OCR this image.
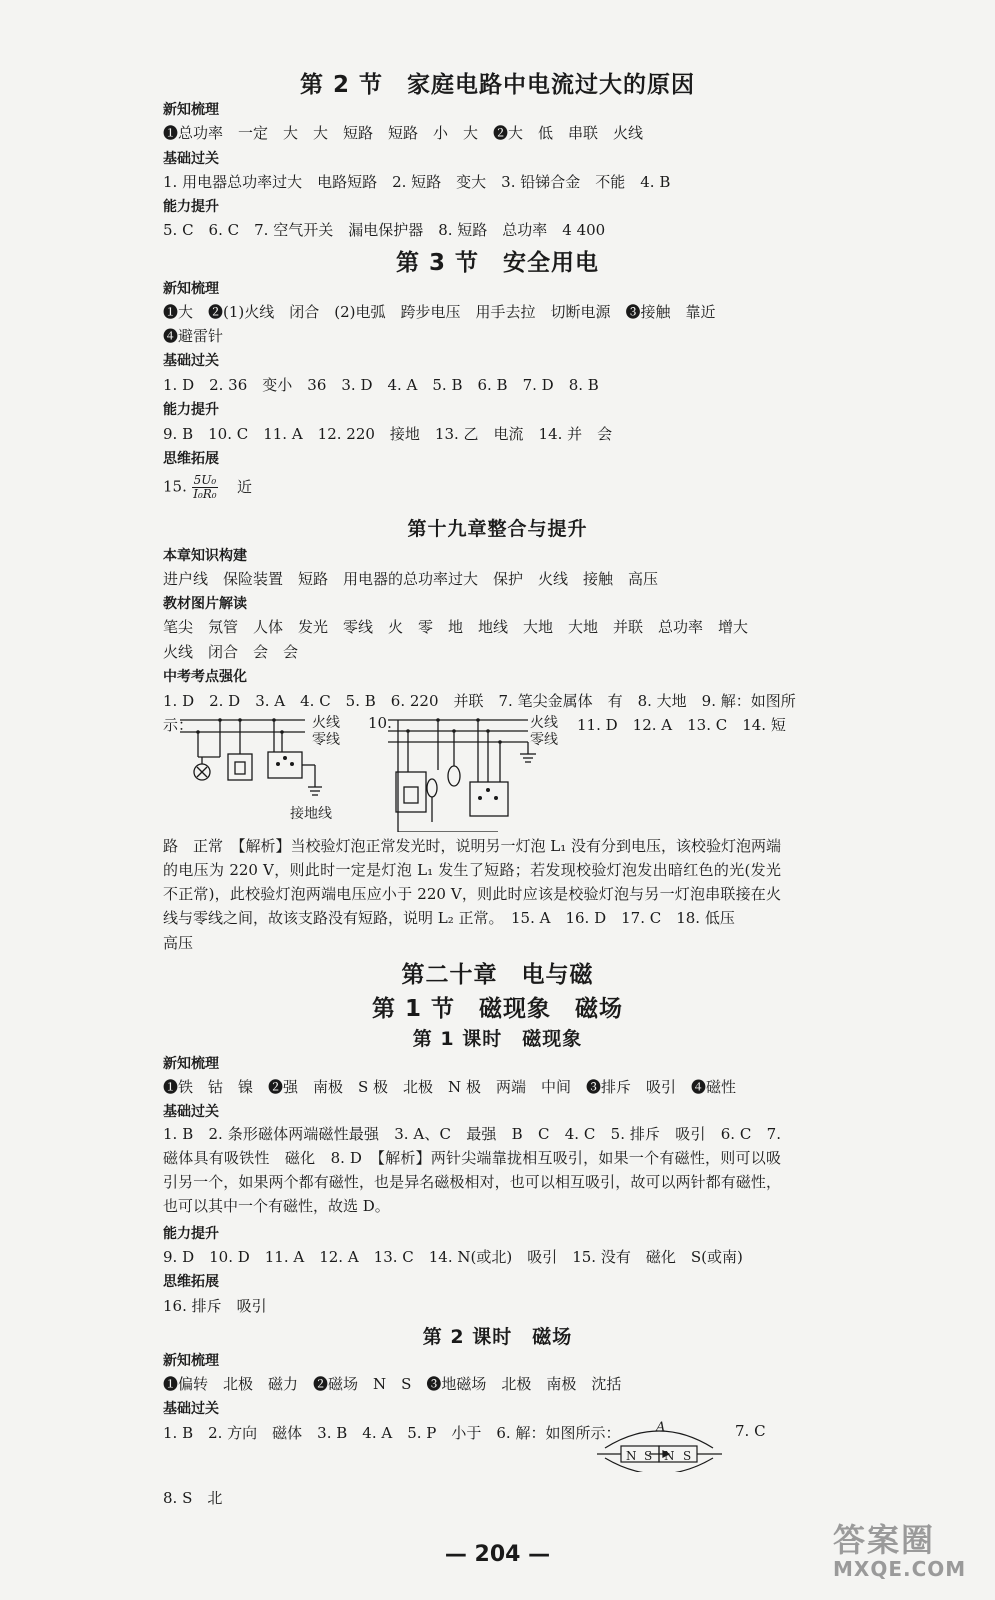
第 2 节　家庭电路中电流过大的原因
新知梳理
❶总功率　一定　大　大　短路　短路　小　大　❷大　低　串联　火线
基础过关
1. 用电器总功率过大　电路短路　2. 短路　变大　3. 铅锑合金　不能　4. B
能力提升
5. C　6. C　7. 空气开关　漏电保护器　8. 短路　总功率　4 400
第 3 节　安全用电
新知梳理
❶大　❷(1)火线　闭合　(2)电弧　跨步电压　用手去拉　切断电源　❸接触　靠近
❹避雷针
基础过关
1. D　2. 36　变小　36　3. D　4. A　5. B　6. B　7. D　8. B
能力提升
9. B　10. C　11. A　12. 220　接地　13. 乙　电流　14. 并　会
思维拓展
15. $\frac{\text{5U₀}}{\text{I₀R₀}}$ 近
第十九章整合与提升
本章知识构建
进户线　保险装置　短路　用电器的总功率过大　保护　火线　接触　高压
教材图片解读
笔尖　氖管　人体　发光　零线　火　零　地　地线　大地　大地　并联　总功率　增大
火线　闭合　会　会
中考考点强化
1. D　2. D　3. A　4. C　5. B　6. 220　并联　7. 笔尖金属体　有　8. 大地　9. 解：如图所
示：	10.	11. D　12. A　13. C　14. 短
火线
零线
接地线
火线
零线
路　正常　【解析】当校验灯泡正常发光时，说明另一灯泡 L₁ 没有分到电压，该校验灯泡两端的电压为 220 V，则此时一定是灯泡 L₁ 发生了短路；若发现校验灯泡发出暗红色的光(发光不正常)，此校验灯泡两端电压应小于 220 V，则此时应该是校验灯泡与另一灯泡串联接在火线与零线之间，故该支路没有短路，说明 L₂ 正常。　15. A　16. D　17. C　18. 低压
高压
第二十章　电与磁
第 1 节　磁现象　磁场
第 1 课时　磁现象
新知梳理
❶铁　钴　镍　❷强　南极　S 极　北极　N 极　两端　中间　❸排斥　吸引　❹磁性
基础过关
1. B　2. 条形磁体两端磁性最强　3. A、C　最强　B　C　4. C　5. 排斥　吸引　6. C　7. 磁体具有吸铁性　磁化　8. D　【解析】两针尖端靠拢相互吸引，如果一个有磁性，则可以吸引另一个，如果两个都有磁性，也是异名磁极相对，也可以相互吸引，故可以两针都有磁性，也可以其中一个有磁性，故选 D。
能力提升
9. D　10. D　11. A　12. A　13. C　14. N(或北)　吸引　15. 没有　磁化　S(或南)
思维拓展
16. 排斥　吸引
第 2 课时　磁场
新知梳理
❶偏转　北极　磁力　❷磁场　N　S　❸地磁场　北极　南极　沈括
基础过关
1. B　2. 方向　磁体　3. B　4. A　5. P　小于　6. 解：如图所示：	7. C
A
N S N S
8. S　北
— 204 —	答案圈
MXQE.COM
